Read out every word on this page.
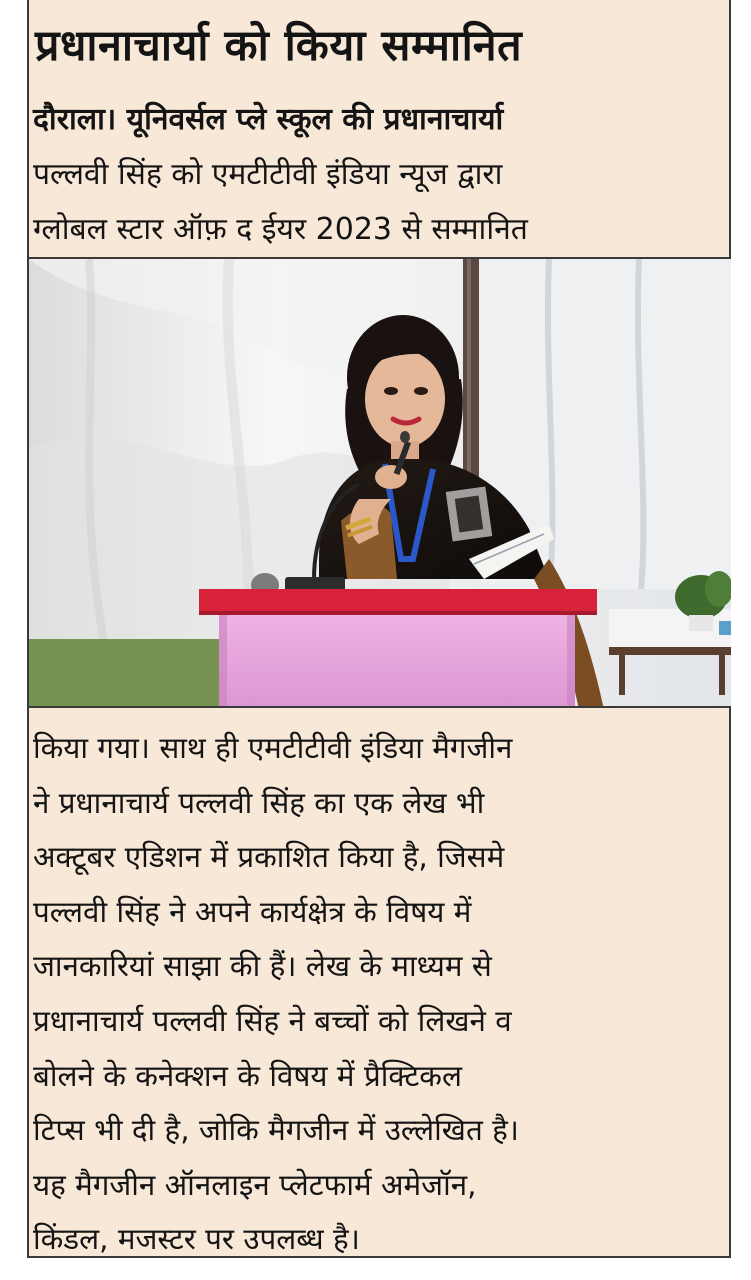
प्रधानाचार्या को किया सम्मानित
दौराला। यूनिवर्सल प्ले स्कूल की प्रधानाचार्या
पल्लवी सिंह को एमटीटीवी इंडिया न्यूज द्वारा
ग्लोबल स्टार ऑफ़ द ईयर 2023 से सम्मानित
किया गया। साथ ही एमटीटीवी इंडिया मैगजीन
ने प्रधानाचार्य पल्लवी सिंह का एक लेख भी
अक्टूबर एडिशन में प्रकाशित किया है, जिसमे
पल्लवी सिंह ने अपने कार्यक्षेत्र के विषय में
जानकारियां साझा की हैं। लेख के माध्यम से
प्रधानाचार्य पल्लवी सिंह ने बच्चों को लिखने व
बोलने के कनेक्शन के विषय में प्रैक्टिकल
टिप्स भी दी है, जोकि मैगजीन में उल्लेखित है।
यह मैगजीन ऑनलाइन प्लेटफार्म अमेजॉन,
किंडल, मजस्टर पर उपलब्ध है।
